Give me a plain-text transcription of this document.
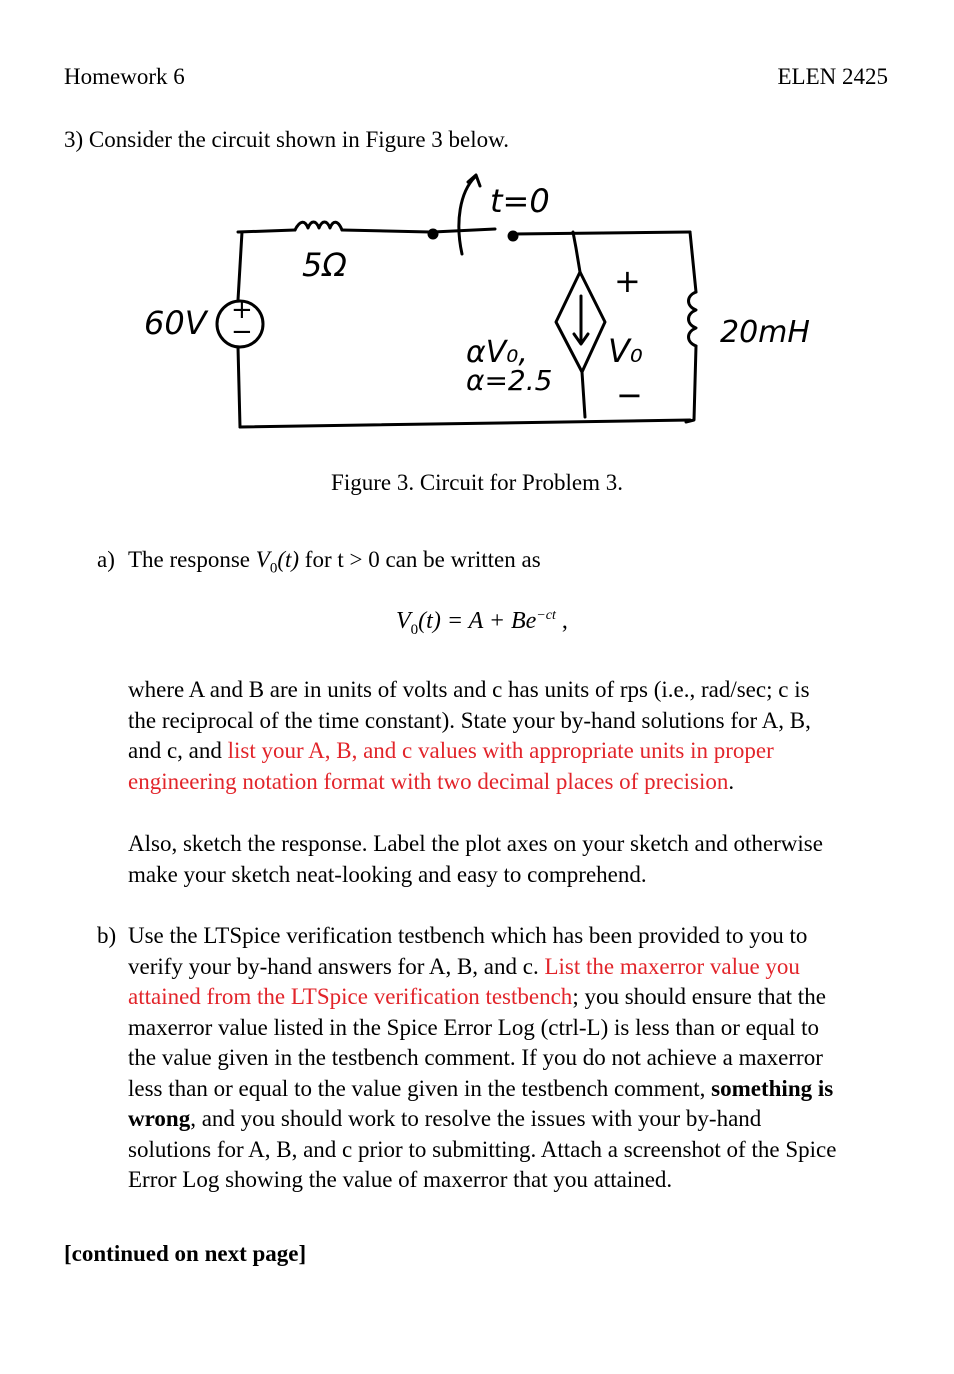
Homework 6	ELEN 2425
3) Consider the circuit shown in Figure 3 below.
t=0
5Ω
60V
αV₀,
α=2.5
V₀
+
−
20mH
+
−
Figure 3. Circuit for Problem 3.
a) The response $V_0(t)$ for t > 0 can be written as
$V_0(t) = A + Be^{-ct}$ ,
where A and B are in units of volts and c has units of rps (i.e., rad/sec; c is
the reciprocal of the time constant). State your by-hand solutions for A, B,
and c, and list your A, B, and c values with appropriate units in proper
engineering notation format with two decimal places of precision.
Also, sketch the response. Label the plot axes on your sketch and otherwise
make your sketch neat-looking and easy to comprehend.
b) Use the LTSpice verification testbench which has been provided to you to
verify your by-hand answers for A, B, and c. List the maxerror value you
attained from the LTSpice verification testbench; you should ensure that the
maxerror value listed in the Spice Error Log (ctrl-L) is less than or equal to
the value given in the testbench comment. If you do not achieve a maxerror
less than or equal to the value given in the testbench comment, something is
wrong, and you should work to resolve the issues with your by-hand
solutions for A, B, and c prior to submitting. Attach a screenshot of the Spice
Error Log showing the value of maxerror that you attained.
[continued on next page]
